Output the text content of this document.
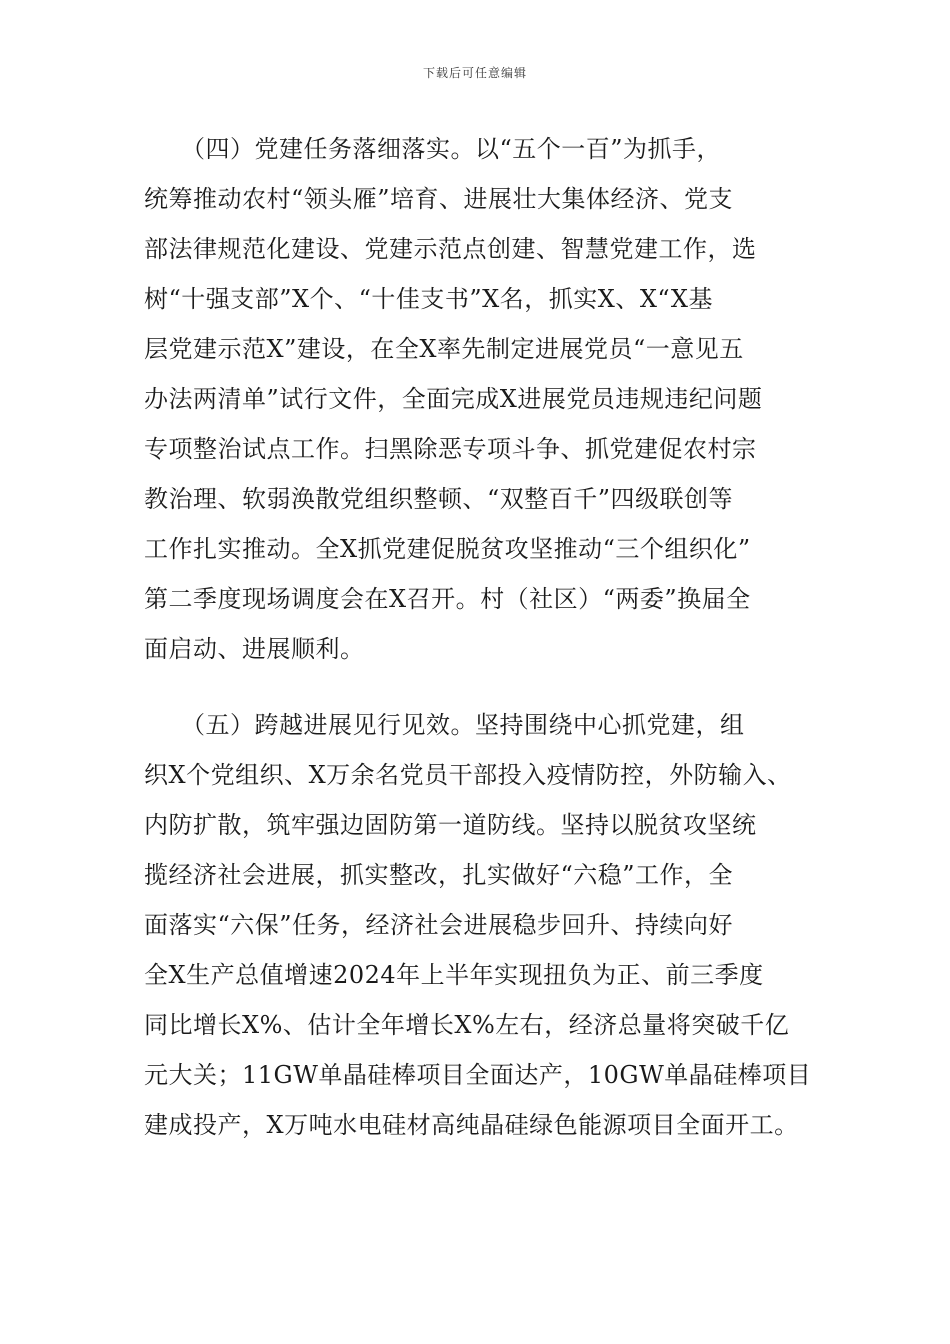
下载后可任意编辑
　　（四）党建任务落细落实。以“五个一百”为抓手，
统筹推动农村“领头雁”培育、进展壮大集体经济、党支
部法律规范化建设、党建示范点创建、智慧党建工作，选
树“十强支部”X个、“十佳支书”X名，抓实X、X“X基
层党建示范X”建设，在全X率先制定进展党员“一意见五
办法两清单”试行文件，全面完成X进展党员违规违纪问题
专项整治试点工作。扫黑除恶专项斗争、抓党建促农村宗
教治理、软弱涣散党组织整顿、“双整百千”四级联创等
工作扎实推动。全X抓党建促脱贫攻坚推动“三个组织化”
第二季度现场调度会在X召开。村（社区）“两委”换届全
面启动、进展顺利。
　　（五）跨越进展见行见效。坚持围绕中心抓党建，组
织X个党组织、X万余名党员干部投入疫情防控，外防输入、
内防扩散，筑牢强边固防第一道防线。坚持以脱贫攻坚统
揽经济社会进展，抓实整改，扎实做好“六稳”工作，全
面落实“六保”任务，经济社会进展稳步回升、持续向好
全X生产总值增速2024年上半年实现扭负为正、前三季度
同比增长X%、估计全年增长X%左右，经济总量将突破千亿
元大关；11GW单晶硅棒项目全面达产，10GW单晶硅棒项目
建成投产，X万吨水电硅材高纯晶硅绿色能源项目全面开工。
